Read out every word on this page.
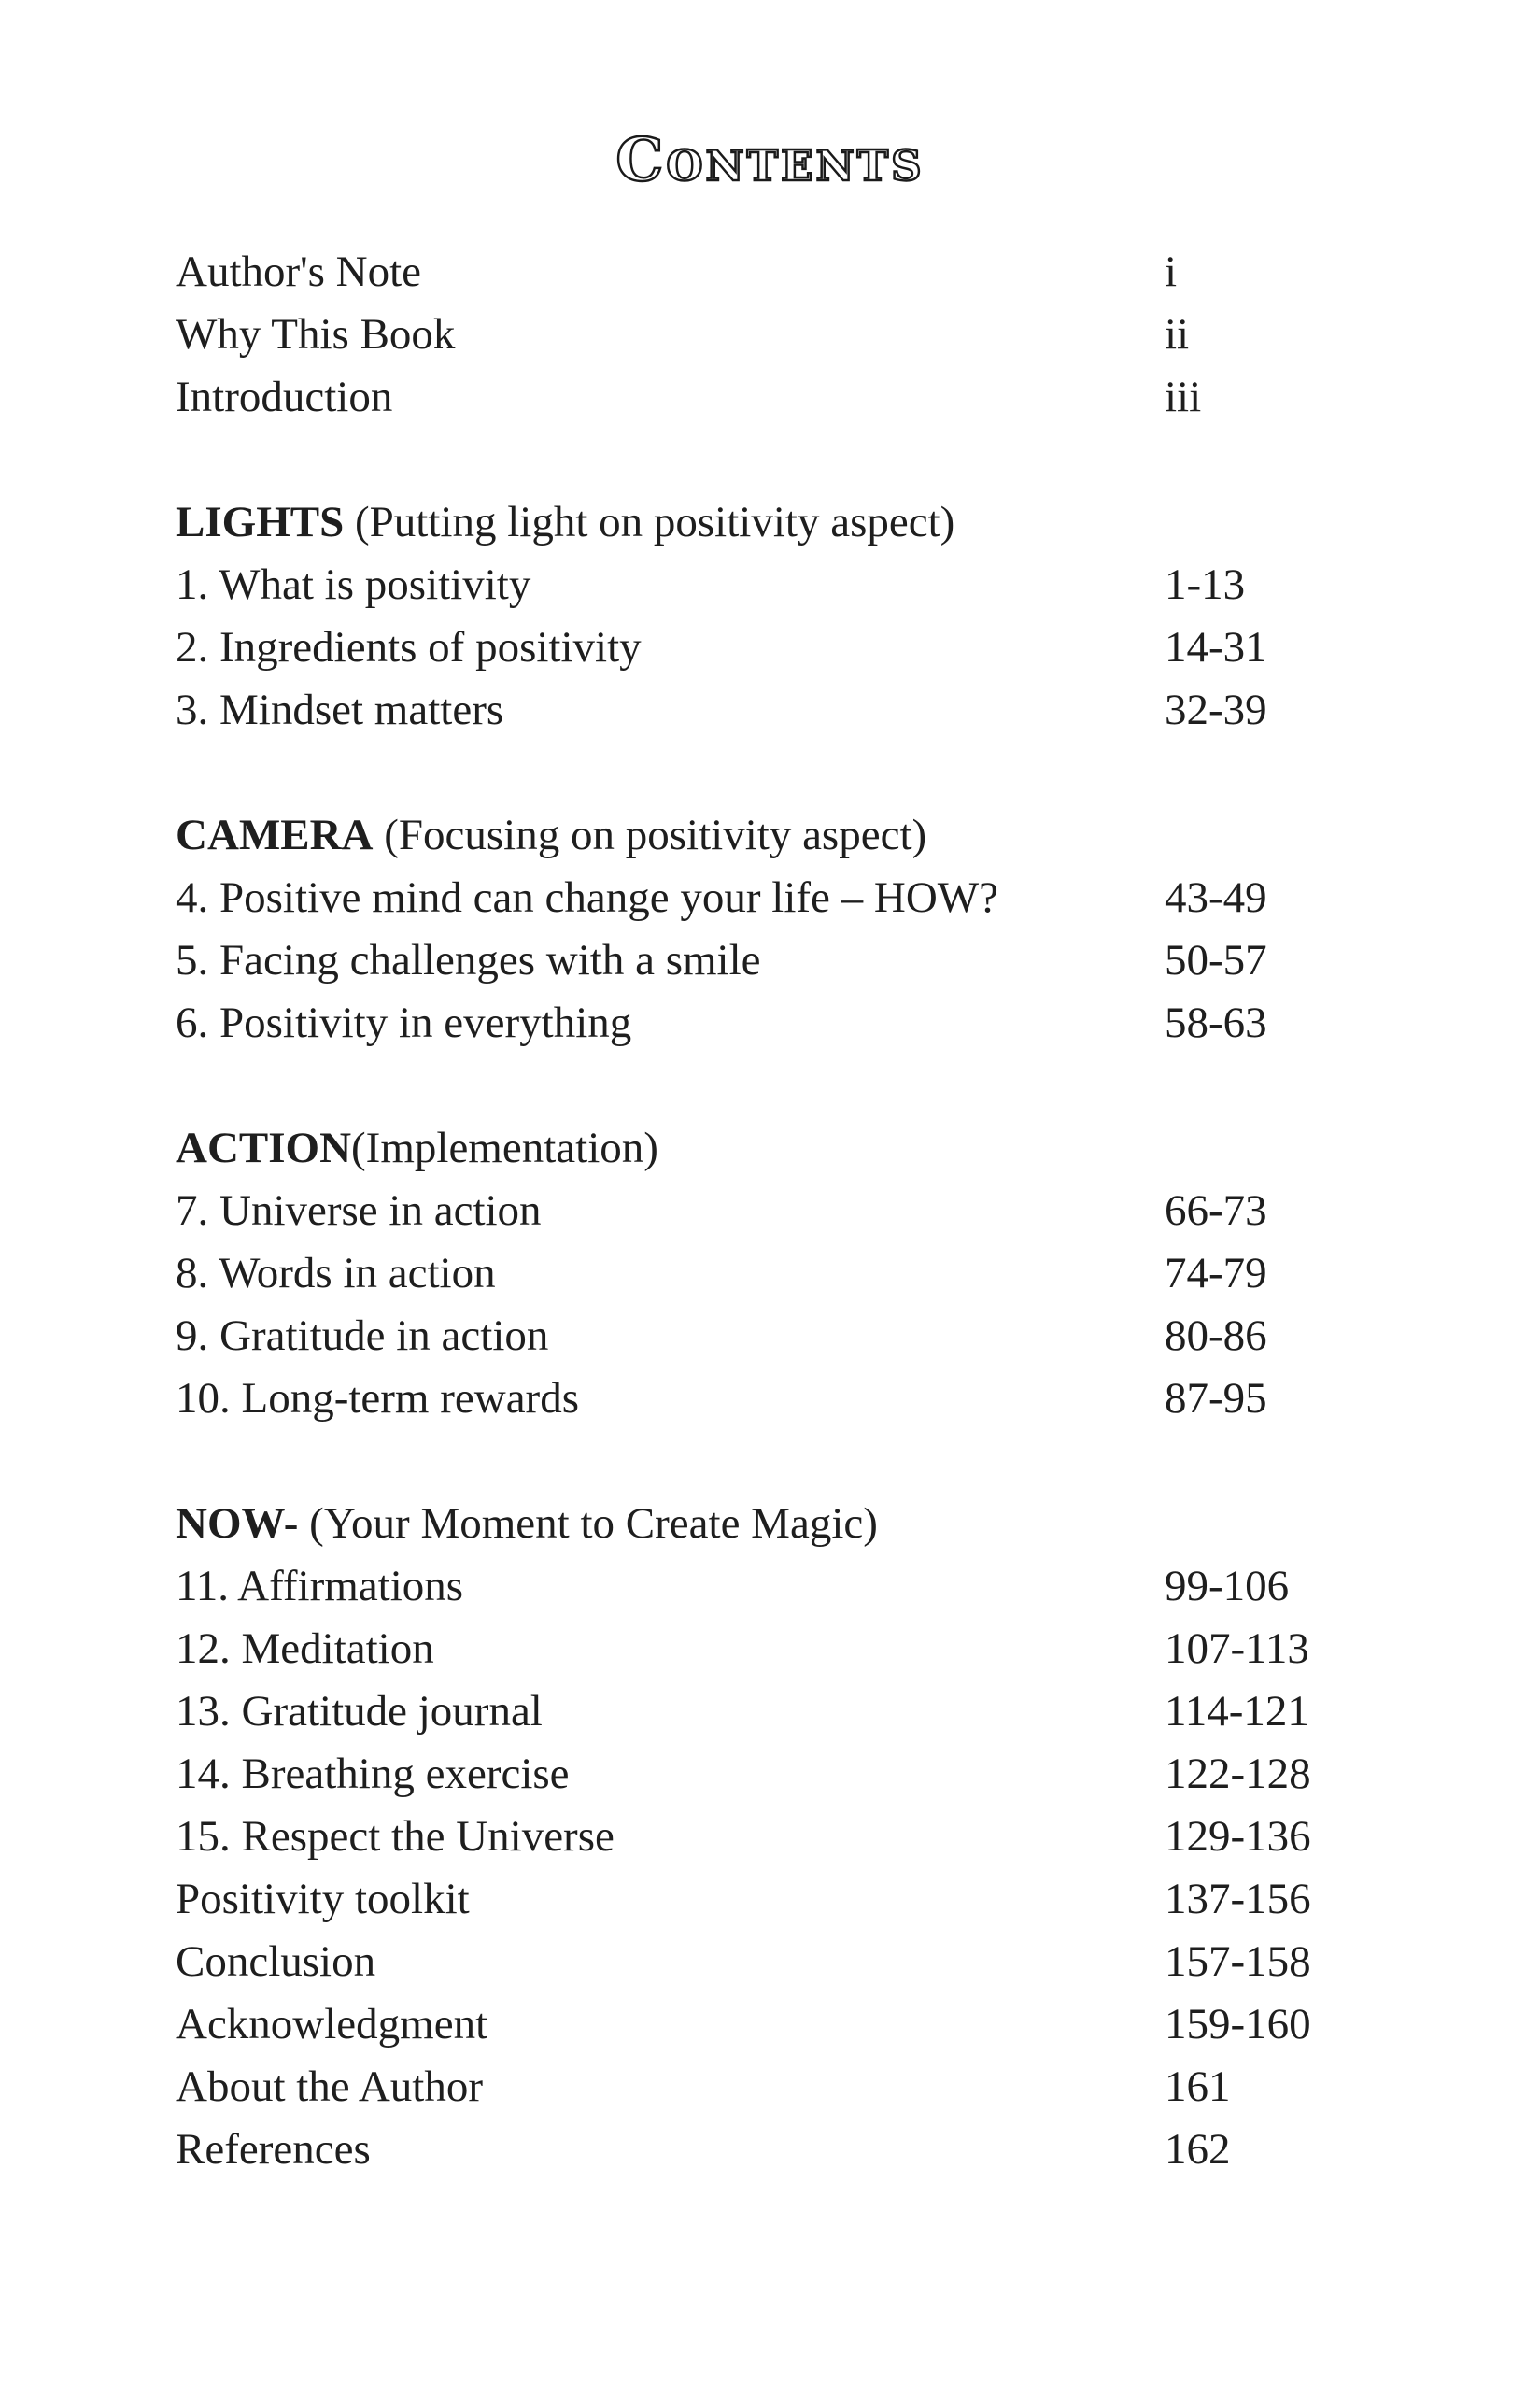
Contents
Author's Note	i
Why This Book	ii
Introduction	iii
LIGHTS (Putting light on positivity aspect)
1. What is positivity	1-13
2. Ingredients of positivity	14-31
3. Mindset matters	32-39
CAMERA (Focusing on positivity aspect)
4. Positive mind can change your life – HOW?	43-49
5. Facing challenges with a smile	50-57
6. Positivity in everything	58-63
ACTION(Implementation)
7. Universe in action	66-73
8. Words in action	74-79
9. Gratitude in action	80-86
10. Long-term rewards	87-95
NOW- (Your Moment to Create Magic)
11. Affirmations	99-106
12. Meditation	107-113
13. Gratitude journal	114-121
14. Breathing exercise	122-128
15. Respect the Universe	129-136
Positivity toolkit	137-156
Conclusion	157-158
Acknowledgment	159-160
About the Author	161
References	162
